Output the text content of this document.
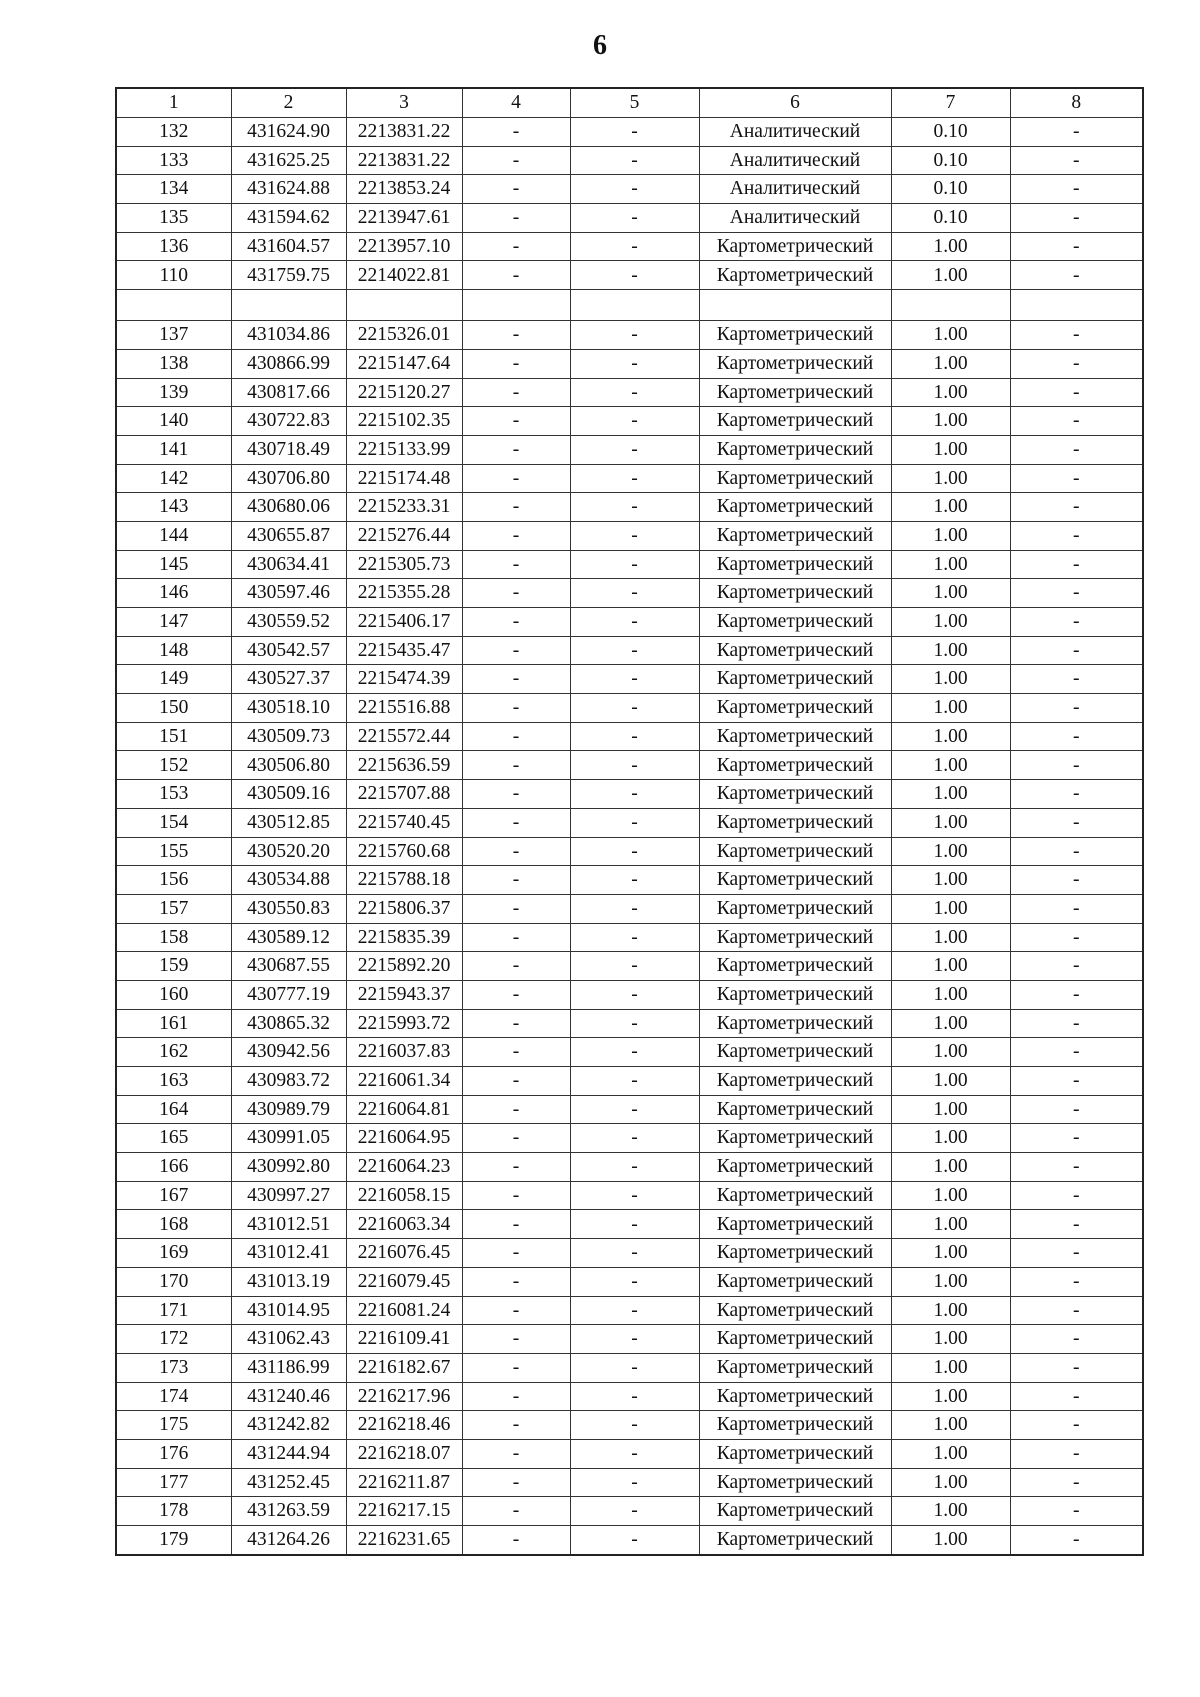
6
1	2	3	4	5	6	7	8
132	431624.90	2213831.22	-	-	Аналитический	0.10	-
133	431625.25	2213831.22	-	-	Аналитический	0.10	-
134	431624.88	2213853.24	-	-	Аналитический	0.10	-
135	431594.62	2213947.61	-	-	Аналитический	0.10	-
136	431604.57	2213957.10	-	-	Картометрический	1.00	-
110	431759.75	2214022.81	-	-	Картометрический	1.00	-

137	431034.86	2215326.01	-	-	Картометрический	1.00	-
138	430866.99	2215147.64	-	-	Картометрический	1.00	-
139	430817.66	2215120.27	-	-	Картометрический	1.00	-
140	430722.83	2215102.35	-	-	Картометрический	1.00	-
141	430718.49	2215133.99	-	-	Картометрический	1.00	-
142	430706.80	2215174.48	-	-	Картометрический	1.00	-
143	430680.06	2215233.31	-	-	Картометрический	1.00	-
144	430655.87	2215276.44	-	-	Картометрический	1.00	-
145	430634.41	2215305.73	-	-	Картометрический	1.00	-
146	430597.46	2215355.28	-	-	Картометрический	1.00	-
147	430559.52	2215406.17	-	-	Картометрический	1.00	-
148	430542.57	2215435.47	-	-	Картометрический	1.00	-
149	430527.37	2215474.39	-	-	Картометрический	1.00	-
150	430518.10	2215516.88	-	-	Картометрический	1.00	-
151	430509.73	2215572.44	-	-	Картометрический	1.00	-
152	430506.80	2215636.59	-	-	Картометрический	1.00	-
153	430509.16	2215707.88	-	-	Картометрический	1.00	-
154	430512.85	2215740.45	-	-	Картометрический	1.00	-
155	430520.20	2215760.68	-	-	Картометрический	1.00	-
156	430534.88	2215788.18	-	-	Картометрический	1.00	-
157	430550.83	2215806.37	-	-	Картометрический	1.00	-
158	430589.12	2215835.39	-	-	Картометрический	1.00	-
159	430687.55	2215892.20	-	-	Картометрический	1.00	-
160	430777.19	2215943.37	-	-	Картометрический	1.00	-
161	430865.32	2215993.72	-	-	Картометрический	1.00	-
162	430942.56	2216037.83	-	-	Картометрический	1.00	-
163	430983.72	2216061.34	-	-	Картометрический	1.00	-
164	430989.79	2216064.81	-	-	Картометрический	1.00	-
165	430991.05	2216064.95	-	-	Картометрический	1.00	-
166	430992.80	2216064.23	-	-	Картометрический	1.00	-
167	430997.27	2216058.15	-	-	Картометрический	1.00	-
168	431012.51	2216063.34	-	-	Картометрический	1.00	-
169	431012.41	2216076.45	-	-	Картометрический	1.00	-
170	431013.19	2216079.45	-	-	Картометрический	1.00	-
171	431014.95	2216081.24	-	-	Картометрический	1.00	-
172	431062.43	2216109.41	-	-	Картометрический	1.00	-
173	431186.99	2216182.67	-	-	Картометрический	1.00	-
174	431240.46	2216217.96	-	-	Картометрический	1.00	-
175	431242.82	2216218.46	-	-	Картометрический	1.00	-
176	431244.94	2216218.07	-	-	Картометрический	1.00	-
177	431252.45	2216211.87	-	-	Картометрический	1.00	-
178	431263.59	2216217.15	-	-	Картометрический	1.00	-
179	431264.26	2216231.65	-	-	Картометрический	1.00	-
